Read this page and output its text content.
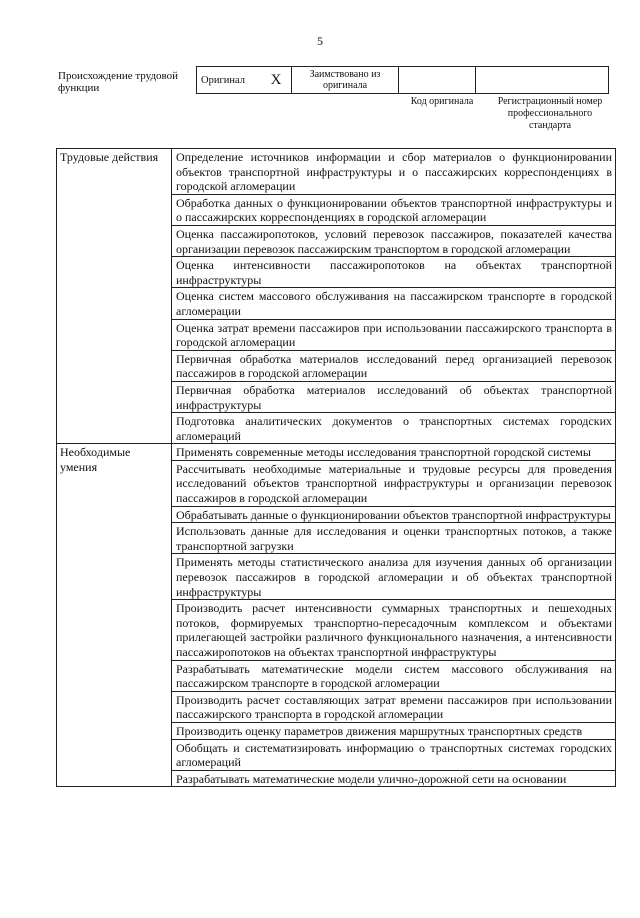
5
Происхождение трудовой функции
Оригинал	X	Заимствовано из оригинала		
Код оригинала	Регистрационный номер профессионального стандарта
Трудовые действия	Определение источников информации и сбор материалов о функционировании объектов транспортной инфраструктуры и о пассажирских корреспонденциях в городской агломерации
	Обработка данных о функционировании объектов транспортной инфраструктуры и о пассажирских корреспонденциях в городской агломерации
	Оценка пассажиропотоков, условий перевозок пассажиров, показателей качества организации перевозок пассажирским транспортом в городской агломерации
	Оценка интенсивности пассажиропотоков на объектах транспортной инфраструктуры
	Оценка систем массового обслуживания на пассажирском транспорте в городской агломерации
	Оценка затрат времени пассажиров при использовании пассажирского транспорта в городской агломерации
	Первичная обработка материалов исследований перед организацией перевозок пассажиров в городской агломерации
	Первичная обработка материалов исследований об объектах транспортной инфраструктуры
	Подготовка аналитических документов о транспортных системах городских агломераций
Необходимые умения	Применять современные методы исследования транспортной городской системы
	Рассчитывать необходимые материальные и трудовые ресурсы для проведения исследований объектов транспортной инфраструктуры и организации перевозок пассажиров в городской агломерации
	Обрабатывать данные о функционировании объектов транспортной инфраструктуры
	Использовать данные для исследования и оценки транспортных потоков, а также транспортной загрузки
	Применять методы статистического анализа для изучения данных об организации перевозок пассажиров в городской агломерации и об объектах транспортной инфраструктуры
	Производить расчет интенсивности суммарных транспортных и пешеходных потоков, формируемых транспортно-пересадочным комплексом и объектами прилегающей застройки различного функционального назначения, а интенсивности пассажиропотоков на объектах транспортной инфраструктуры
	Разрабатывать математические модели систем массового обслуживания на пассажирском транспорте в городской агломерации
	Производить расчет составляющих затрат времени пассажиров при использовании пассажирского транспорта в городской агломерации
	Производить оценку параметров движения маршрутных транспортных средств
	Обобщать и систематизировать информацию о транспортных системах городских агломераций
	Разрабатывать математические модели улично-дорожной сети на основании
